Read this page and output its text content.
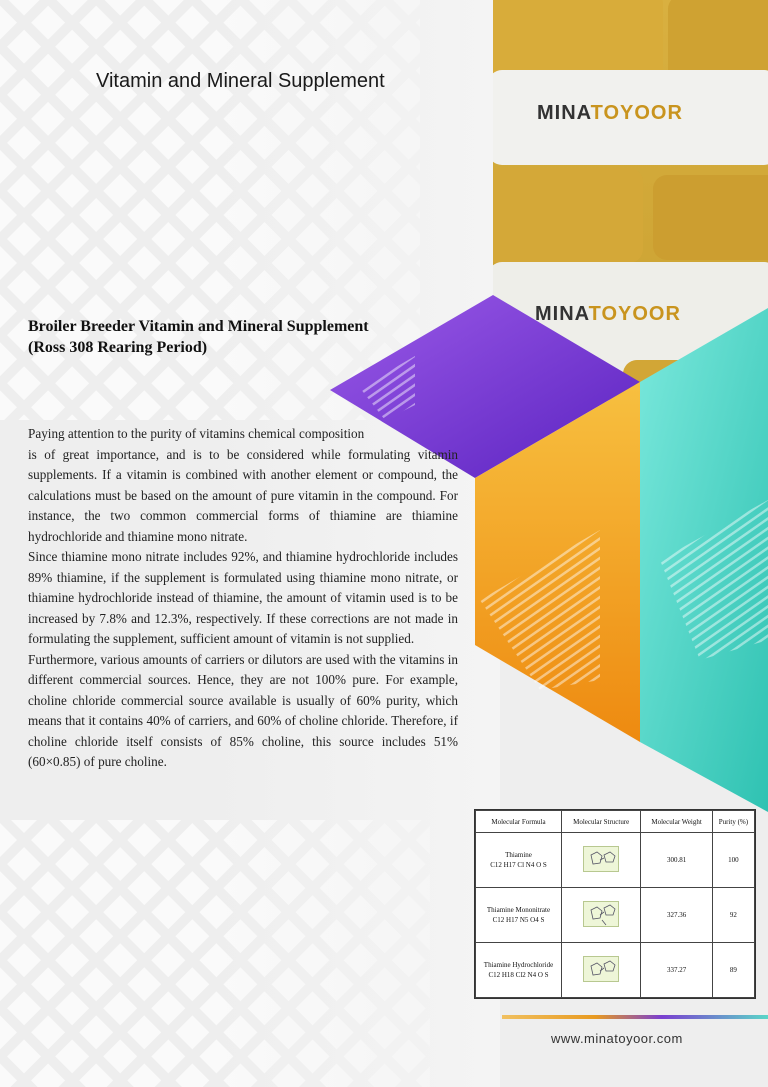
MINATOYOOR
MINATOYOOR
Vitamin and Mineral Supplement
Broiler Breeder Vitamin and Mineral Supplement
(Ross 308 Rearing Period)

Paying attention to the purity of vitamins chemical composition

is of great importance, and is to be considered while formulating vitamin supplements. If a vitamin is combined with another element or compound, the calculations must be based on the amount of pure vitamin in the compound. For instance, the two common commercial forms of thiamine are thiamine hydrochloride and thiamine mono nitrate.

Since thiamine mono nitrate includes 92%, and thiamine hydrochloride includes 89% thiamine, if the supplement is formulated using thiamine mono nitrate, or thiamine hydrochloride instead of thiamine, the amount of vitamin used is to be increased by 7.8% and 12.3%, respectively. If these corrections are not made in formulating the supplement, sufficient amount of vitamin is not supplied.

Furthermore, various amounts of carriers or dilutors are used with the vitamins in different commercial sources. Hence, they are not 100% pure. For example, choline chloride commercial source available is usually of 60% purity, which means that it contains 40% of carriers, and 60% of choline chloride. Therefore, if choline chloride itself consists of 85% choline, this source includes 51% (60×0.85) of pure choline.

Molecular Formula	Molecular Structure	Molecular Weight	Purity (%)

Thiamine
C12 H17 Cl N4 O S		300.81	100

Thiamine Mononitrate
C12 H17 N5 O4 S		327.36	92

Thiamine Hydrochloride
C12 H18 Cl2 N4 O S		337.27	89
www.minatoyoor.com
